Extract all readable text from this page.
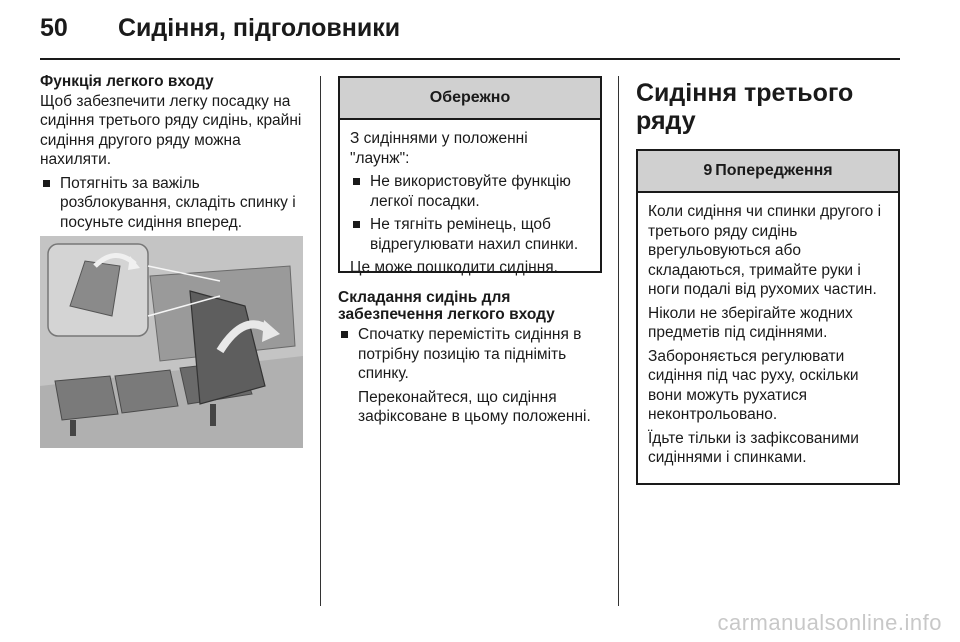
50 Сидіння, підголовники
Функція легкого входу

Щоб забезпечити легку посадку на сидіння третього ряду сидінь, крайні сидіння другого ряду можна нахиляти.

Потягніть за важіль розблокування, складіть спинку і посуньте сидіння вперед.
Обережно

З сидіннями у положенні "лаунж":

Не використовуйте функцію легкої посадки.
Не тягніть ремінець, щоб відрегулювати нахил спинки.

Це може пошкодити сидіння.

Складання сидінь для забезпечення легкого входу
Спочатку перемістіть сидіння в потрібну позицію та підніміть спинку.

Переконайтеся, що сидіння зафіксоване в цьому положенні.

Сидіння третього ряду
9 Попередження

Коли сидіння чи спинки другого і третього ряду сидінь врегульовуються або складаються, тримайте руки і ноги подалі від рухомих частин.

Ніколи не зберігайте жодних предметів під сидіннями.

Забороняється регулювати сидіння під час руху, оскільки вони можуть рухатися неконтрольовано.

Їдьте тільки із зафіксованими сидіннями і спинками.

carmanualsonline.info
